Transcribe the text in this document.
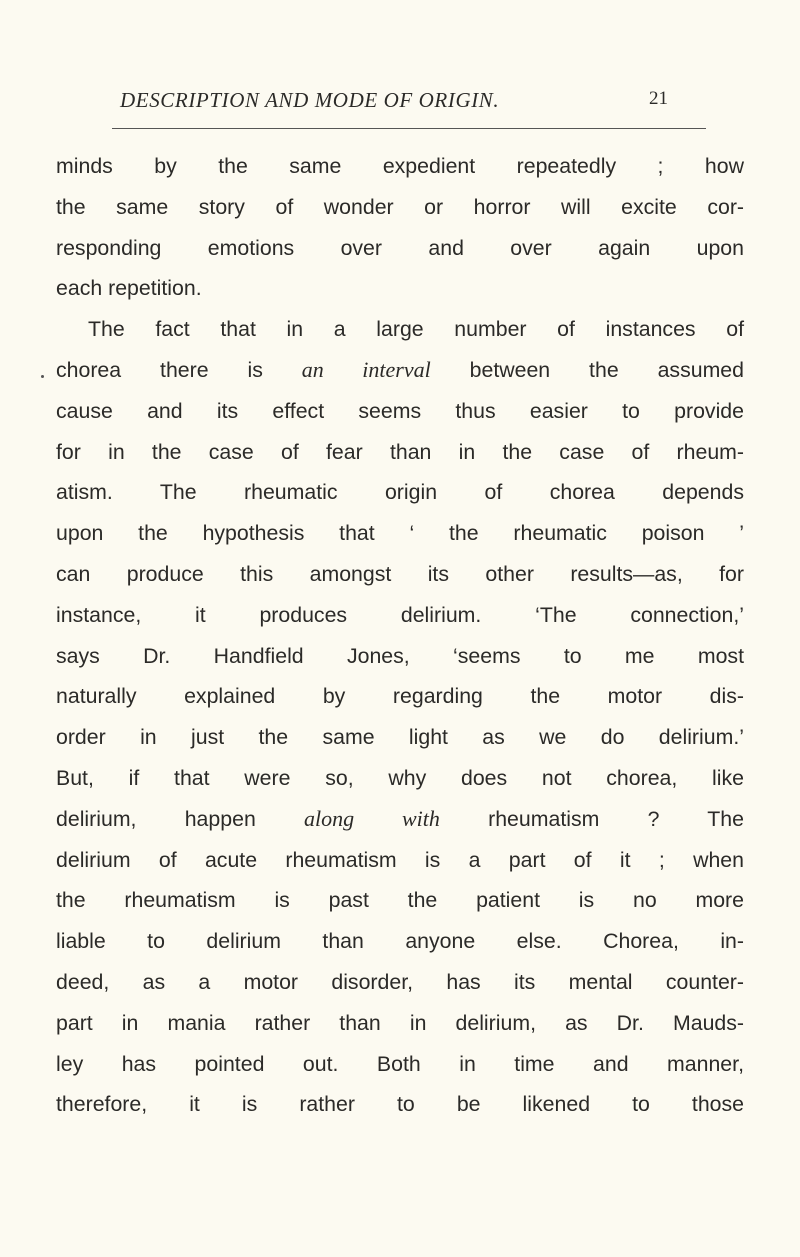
DESCRIPTION AND MODE OF ORIGIN.	21
minds by the same expedient repeatedly ; how
the same story of wonder or horror will excite cor-
responding emotions over and over again upon
each repetition.
The fact that in a large number of instances of
chorea there is an interval between the assumed
cause and its effect seems thus easier to provide
for in the case of fear than in the case of rheum-
atism. The rheumatic origin of chorea depends
upon the hypothesis that ‘ the rheumatic poison ’
can produce this amongst its other results—as, for
instance, it produces delirium. ‘The connection,’
says Dr. Handfield Jones, ‘seems to me most
naturally explained by regarding the motor dis-
order in just the same light as we do delirium.’
But, if that were so, why does not chorea, like
delirium, happen along with rheumatism ? The
delirium of acute rheumatism is a part of it ; when
the rheumatism is past the patient is no more
liable to delirium than anyone else. Chorea, in-
deed, as a motor disorder, has its mental counter-
part in mania rather than in delirium, as Dr. Mauds-
ley has pointed out. Both in time and manner,
therefore, it is rather to be likened to those
